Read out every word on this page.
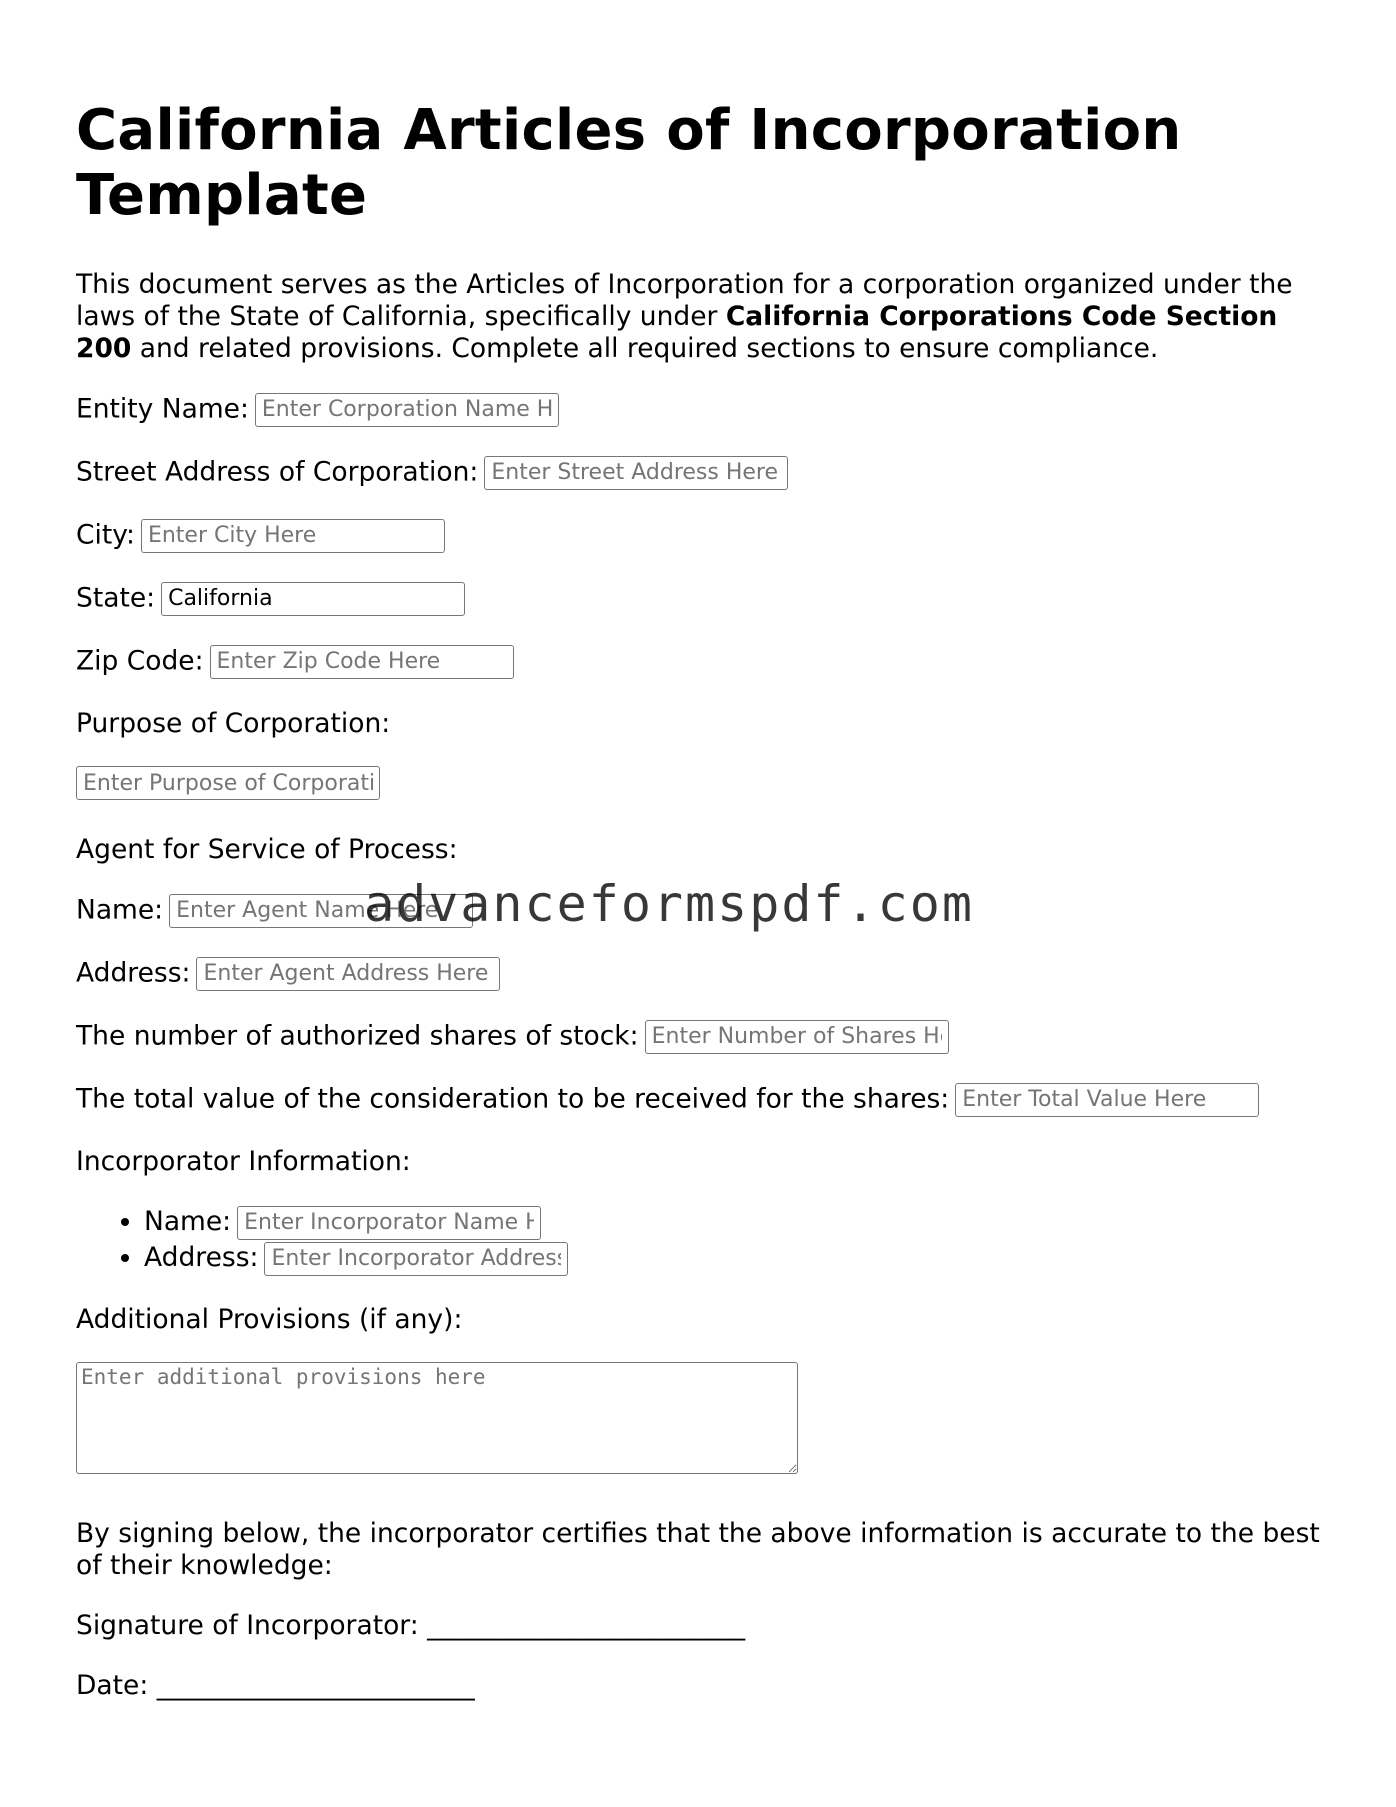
California Articles of Incorporation Template

This document serves as the Articles of Incorporation for a corporation organized under the laws of the State of California, specifically under California Corporations Code Section 200 and related provisions. Complete all required sections to ensure compliance.

Entity Name:Enter Corporation Name Here
Street Address of Corporation:Enter Street Address Here
City:Enter City Here
State:California
Zip Code:Enter Zip Code Here
Purpose of Corporation:
Enter Purpose of Corporation
Agent for Service of Process:
Name:Enter Agent Name Here
Address:Enter Agent Address Here
The number of authorized shares of stock:Enter Number of Shares Here
The total value of the consideration to be received for the shares:Enter Total Value Here
Incorporator Information:
• Name:Enter Incorporator Name Here
• Address:Enter Incorporator Address Here
Additional Provisions (if any):
Enter additional provisions here

By signing below, the incorporator certifies that the above information is accurate to the best of their knowledge:

Signature of Incorporator: ________________________
Date: ________________________
advanceformspdf.com
